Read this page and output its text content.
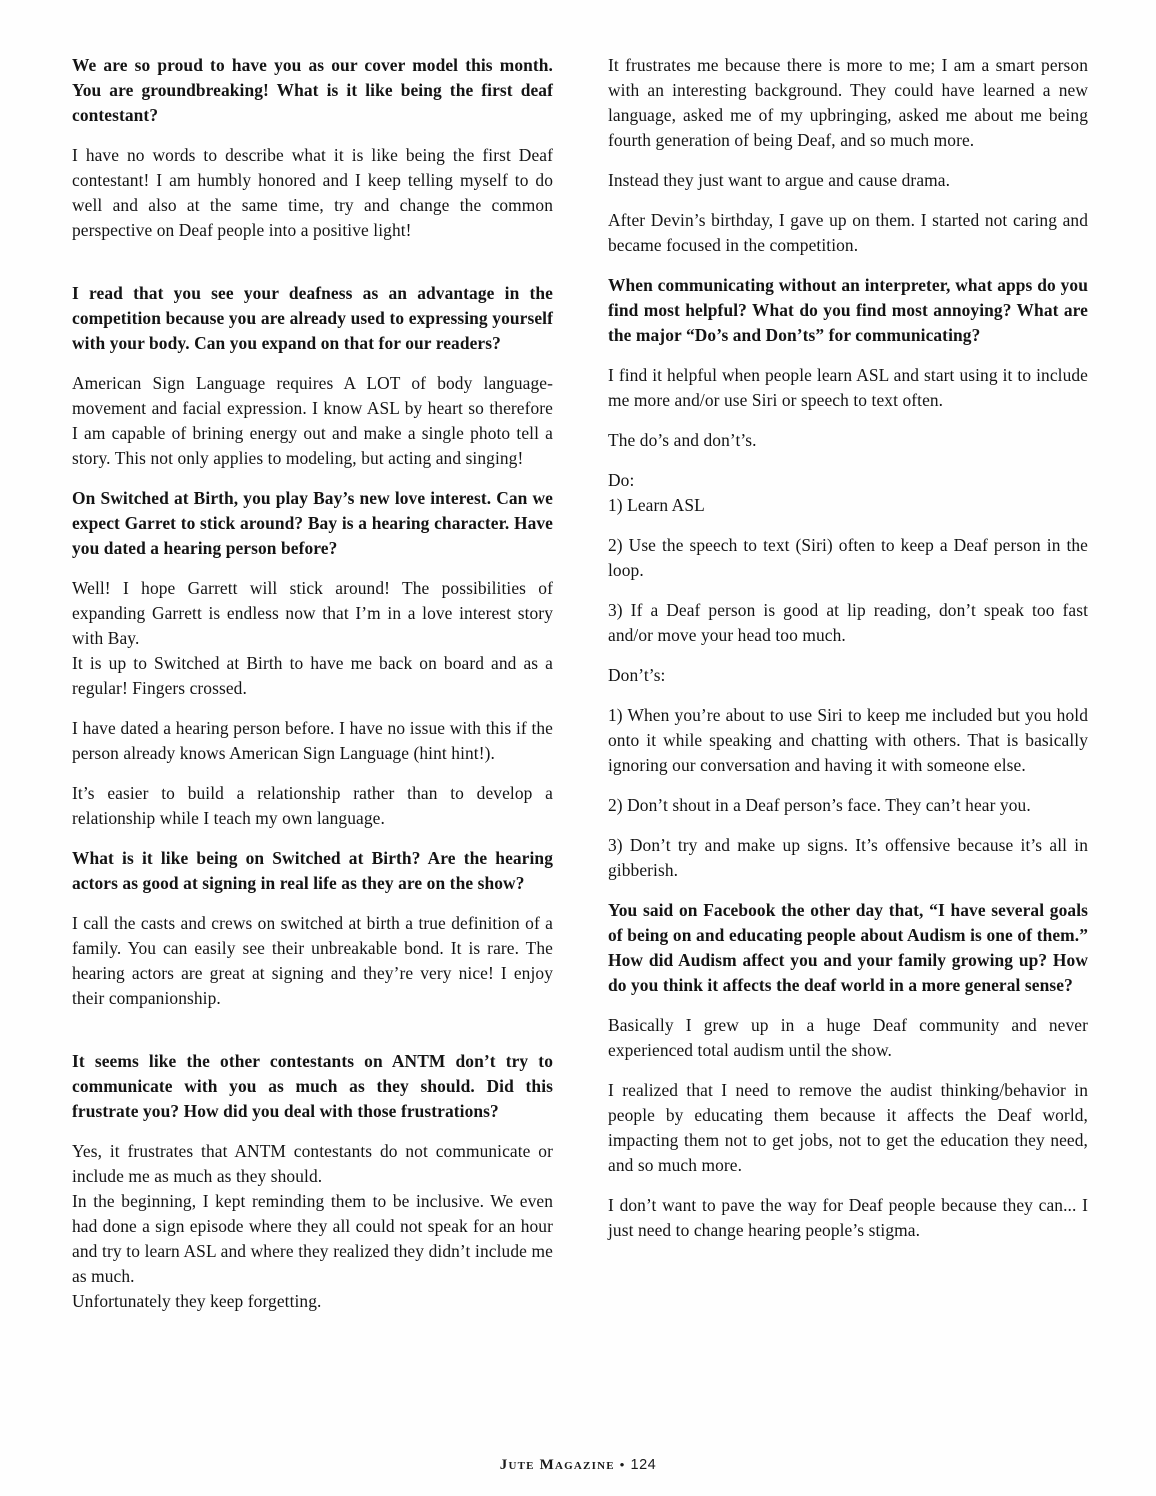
We are so proud to have you as our cover model this month. You are groundbreaking! What is it like being the first deaf contestant?

I have no words to describe what it is like being the first Deaf contestant! I am humbly honored and I keep telling myself to do well and also at the same time, try and change the common perspective on Deaf people into a positive light!

I read that you see your deafness as an advantage in the competition because you are already used to expressing yourself with your body. Can you expand on that for our readers?

American Sign Language requires A LOT of body language-movement and facial expression. I know ASL by heart so therefore I am capable of brining energy out and make a single photo tell a story. This not only applies to modeling, but acting and singing!

On Switched at Birth, you play Bay’s new love interest. Can we expect Garret to stick around? Bay is a hearing character. Have you dated a hearing person before?

Well! I hope Garrett will stick around! The possibilities of expanding Garrett is endless now that I’m in a love interest story with Bay.
It is up to Switched at Birth to have me back on board and as a regular! Fingers crossed.

I have dated a hearing person before. I have no issue with this if the person already knows American Sign Language (hint hint!).

It’s easier to build a relationship rather than to develop a relationship while I teach my own language.

What is it like being on Switched at Birth? Are the hearing actors as good at signing in real life as they are on the show?

I call the casts and crews on switched at birth a true definition of a family. You can easily see their unbreakable bond. It is rare. The hearing actors are great at signing and they’re very nice! I enjoy their companionship.

It seems like the other contestants on ANTM don’t try to communicate with you as much as they should. Did this frustrate you? How did you deal with those frustrations?

Yes, it frustrates that ANTM contestants do not communicate or include me as much as they should.
In the beginning, I kept reminding them to be inclusive. We even had done a sign episode where they all could not speak for an hour and try to learn ASL and where they realized they didn’t include me as much.
Unfortunately they keep forgetting.

It frustrates me because there is more to me; I am a smart person with an interesting background. They could have learned a new language, asked me of my upbringing, asked me about me being fourth generation of being Deaf, and so much more.

Instead they just want to argue and cause drama.

After Devin’s birthday, I gave up on them. I started not caring and became focused in the competition.

When communicating without an interpreter, what apps do you find most helpful? What do you find most annoying? What are the major “Do’s and Don’ts” for communicating?

I find it helpful when people learn ASL and start using it to include me more and/or use Siri or speech to text often.

The do’s and don’t’s.

Do:
1) Learn ASL

2) Use the speech to text (Siri) often to keep a Deaf person in the loop.

3) If a Deaf person is good at lip reading, don’t speak too fast and/or move your head too much.

Don’t’s:

1) When you’re about to use Siri to keep me included but you hold onto it while speaking and chatting with others. That is basically ignoring our conversation and having it with someone else.

2) Don’t shout in a Deaf person’s face. They can’t hear you.

3) Don’t try and make up signs. It’s offensive because it’s all in gibberish.

You said on Facebook the other day that, “I have several goals of being on and educating people about Audism is one of them.” How did Audism affect you and your family growing up? How do you think it affects the deaf world in a more general sense?

Basically I grew up in a huge Deaf community and never experienced total audism until the show.

I realized that I need to remove the audist thinking/behavior in people by educating them because it affects the Deaf world, impacting them not to get jobs, not to get the education they need, and so much more.

I don’t want to pave the way for Deaf people because they can... I just need to change hearing people’s stigma.

Jute Magazine • 124
